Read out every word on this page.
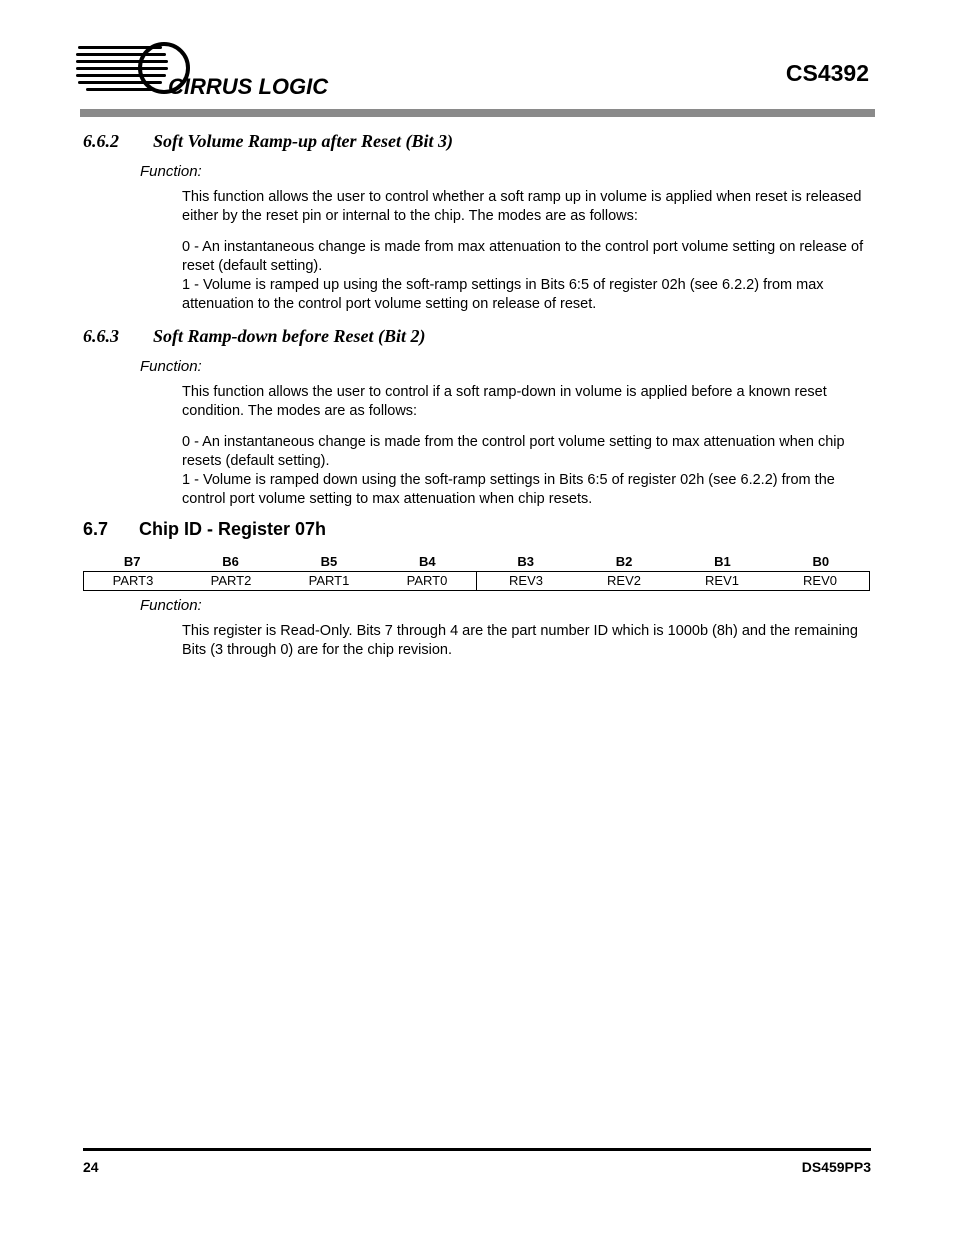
CIRRUS LOGIC
CS4392
6.6.2 Soft Volume Ramp-up after Reset (Bit 3)
Function:

This function allows the user to control whether a soft ramp up in volume is applied when reset is released either by the reset pin or internal to the chip. The modes are as follows:

0 - An instantaneous change is made from max attenuation to the control port volume setting on release of reset (default setting).

1 - Volume is ramped up using the soft-ramp settings in Bits 6:5 of register 02h (see 6.2.2) from max attenuation to the control port volume setting on release of reset.

6.6.3 Soft Ramp-down before Reset (Bit 2)
Function:

This function allows the user to control if a soft ramp-down in volume is applied before a known reset condition. The modes are as follows:

0 - An instantaneous change is made from the control port volume setting to max attenuation when chip resets (default setting).

1 - Volume is ramped down using the soft-ramp settings in Bits 6:5 of register 02h (see 6.2.2) from the control port volume setting to max attenuation when chip resets.

6.7 Chip ID - Register 07h
B7	B6	B5	B4	B3	B2	B1	B0
PART3	PART2	PART1	PART0	REV3	REV2	REV1	REV0
Function:

This register is Read-Only. Bits 7 through 4 are the part number ID which is 1000b (8h) and the remaining Bits (3 through 0) are for the chip revision.

24	DS459PP3
